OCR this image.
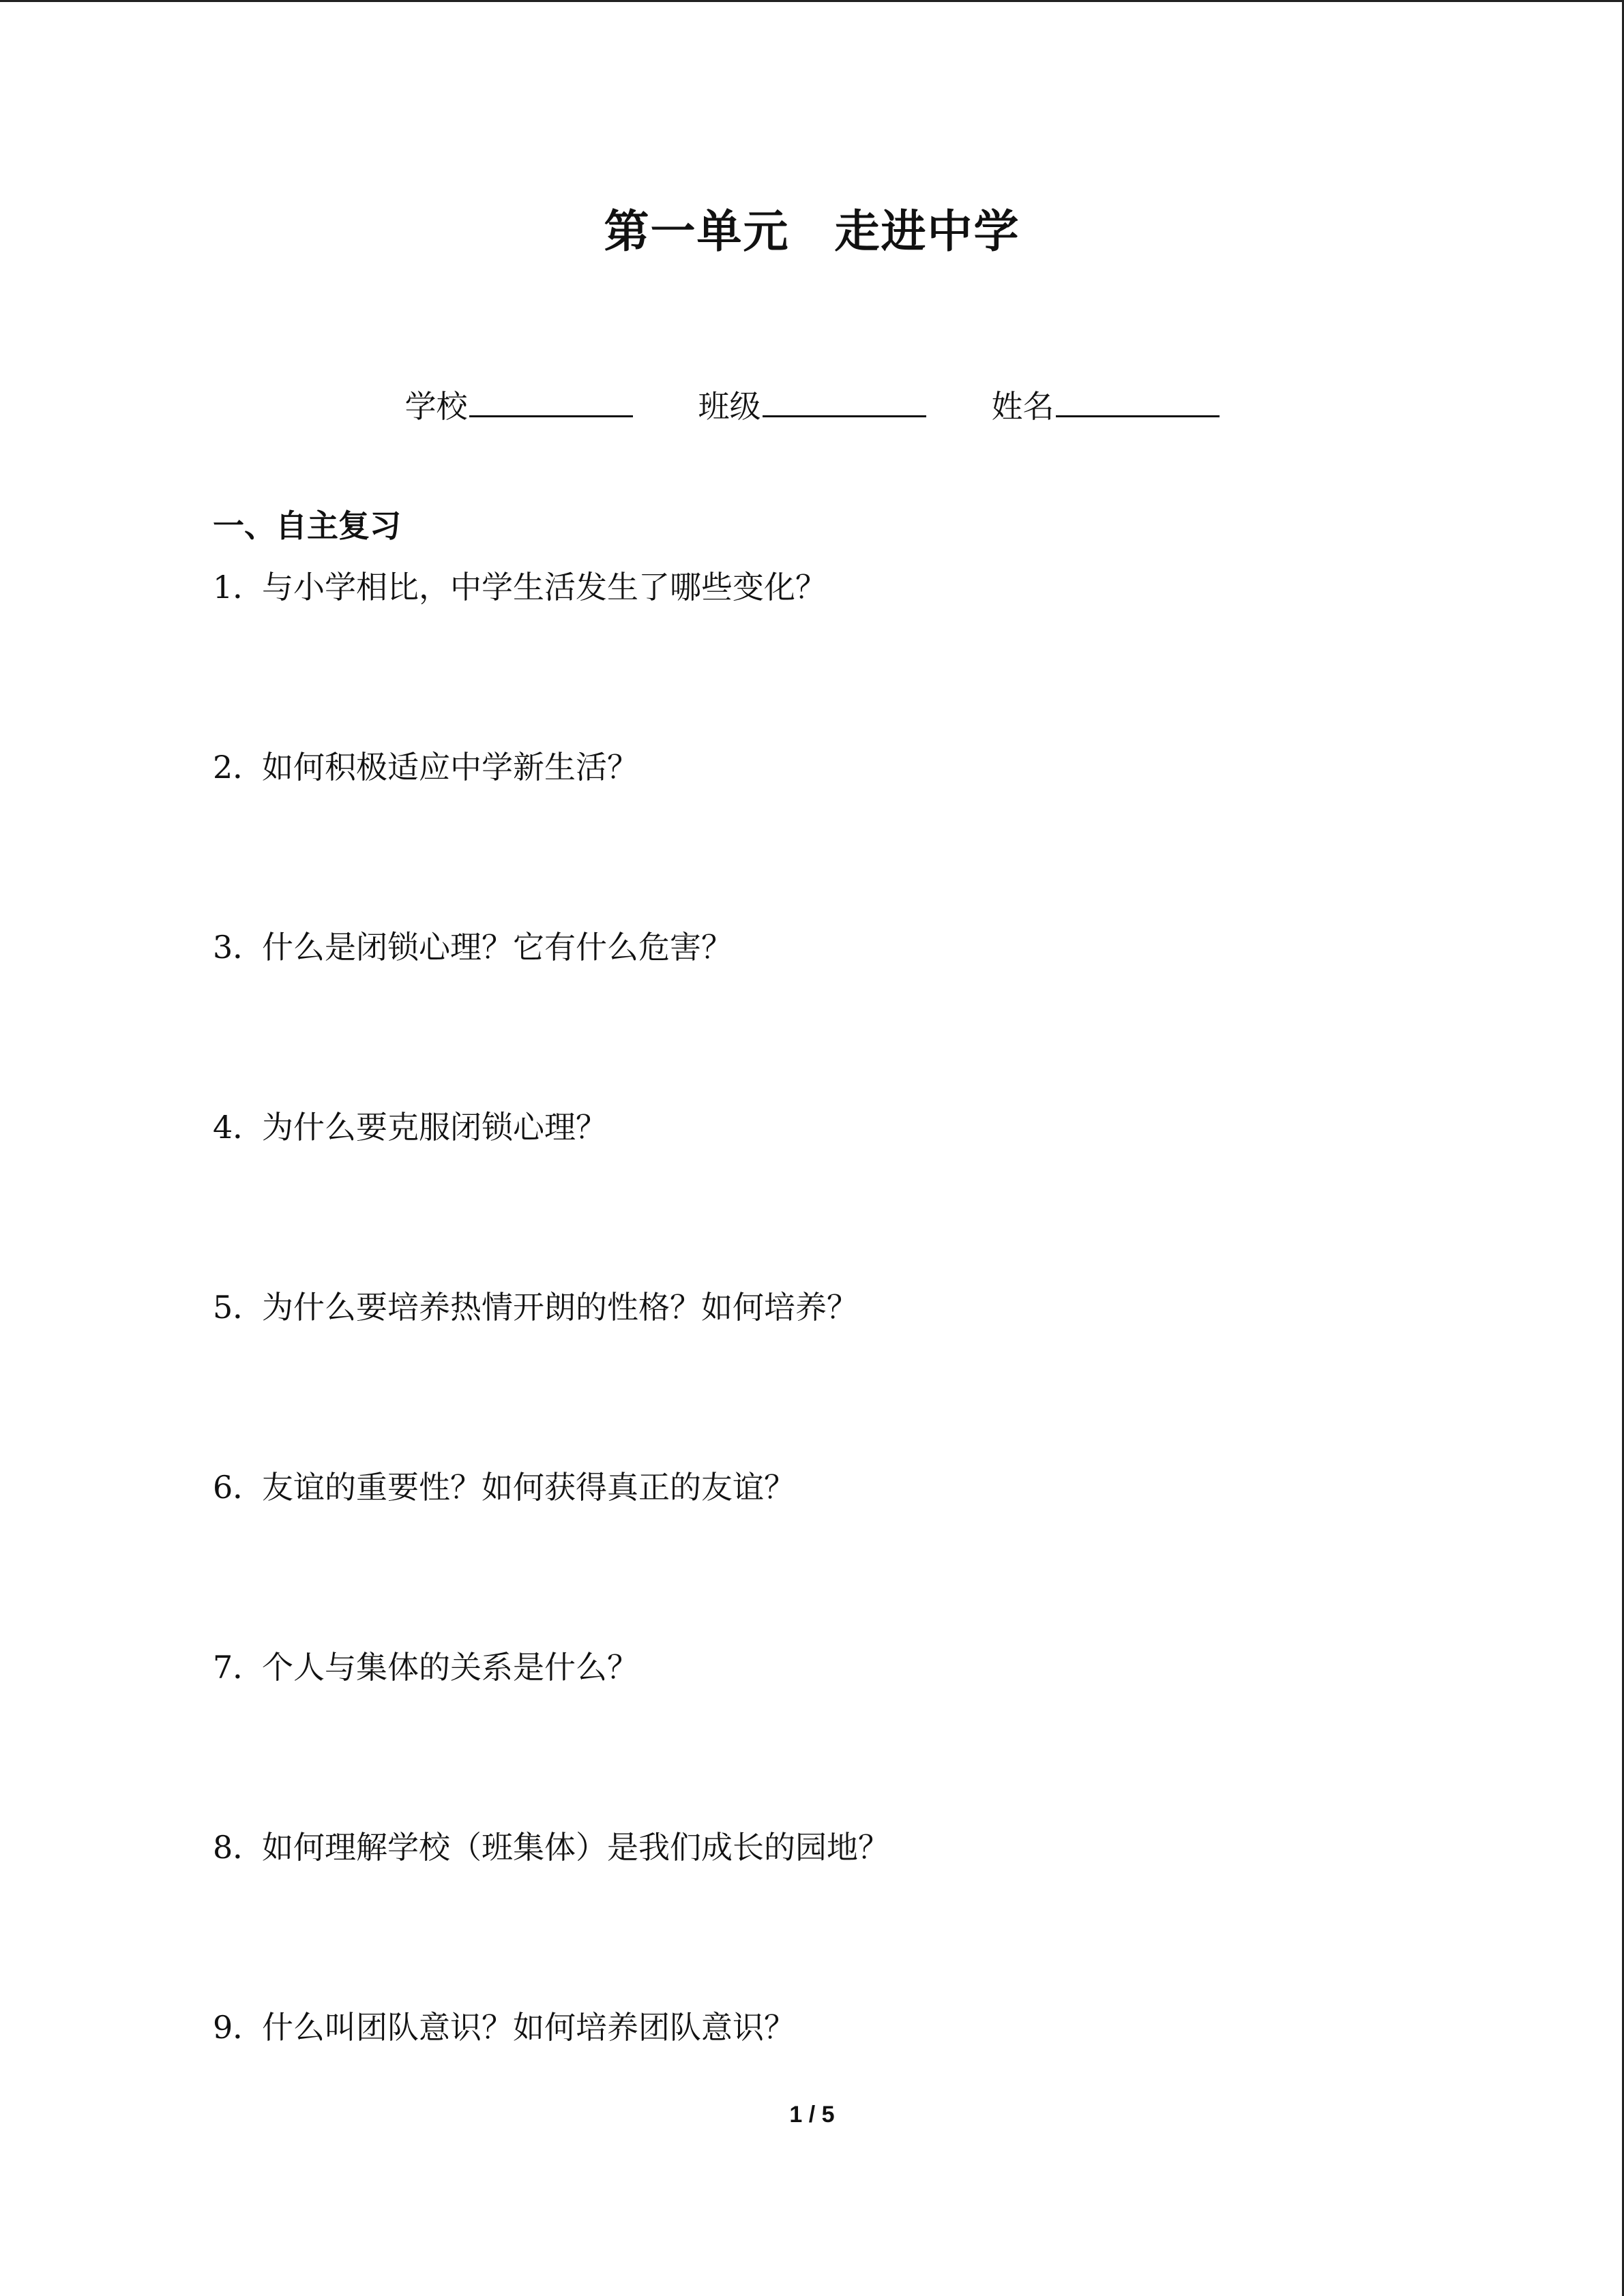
第一单元 走进中学
学校	班级	姓名
一、自主复习
1．与小学相比，中学生活发生了哪些变化？
2．如何积极适应中学新生活？
3．什么是闭锁心理？它有什么危害？
4．为什么要克服闭锁心理？
5．为什么要培养热情开朗的性格？如何培养？
6．友谊的重要性？如何获得真正的友谊？
7．个人与集体的关系是什么？
8．如何理解学校（班集体）是我们成长的园地？
9．什么叫团队意识？如何培养团队意识？
1 / 5
